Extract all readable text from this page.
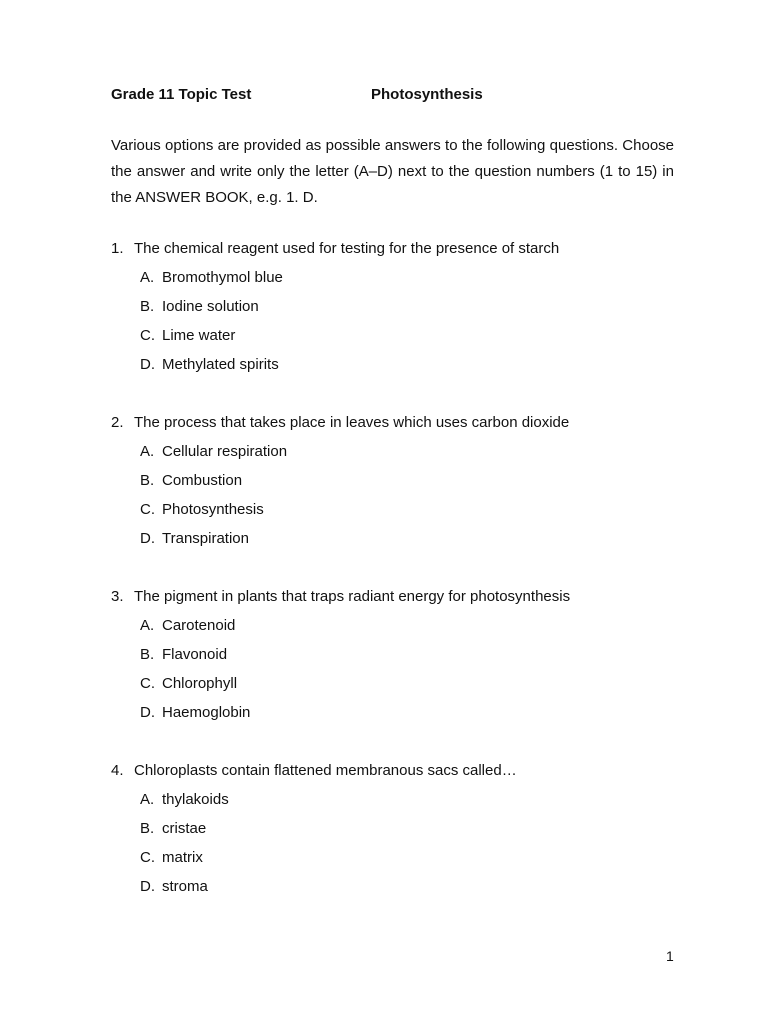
Grade 11 Topic Test	Photosynthesis

Various options are provided as possible answers to the following questions. Choose the answer and write only the letter (A–D) next to the question numbers (1 to 15) in the ANSWER BOOK, e.g. 1. D.

1. The chemical reagent used for testing for the presence of starch
A. Bromothymol blue
B. Iodine solution
C. Lime water
D. Methylated spirits
2. The process that takes place in leaves which uses carbon dioxide
A. Cellular respiration
B. Combustion
C. Photosynthesis
D. Transpiration
3. The pigment in plants that traps radiant energy for photosynthesis
A. Carotenoid
B. Flavonoid
C. Chlorophyll
D. Haemoglobin
4. Chloroplasts contain flattened membranous sacs called…
A. thylakoids
B. cristae
C. matrix
D. stroma
1
